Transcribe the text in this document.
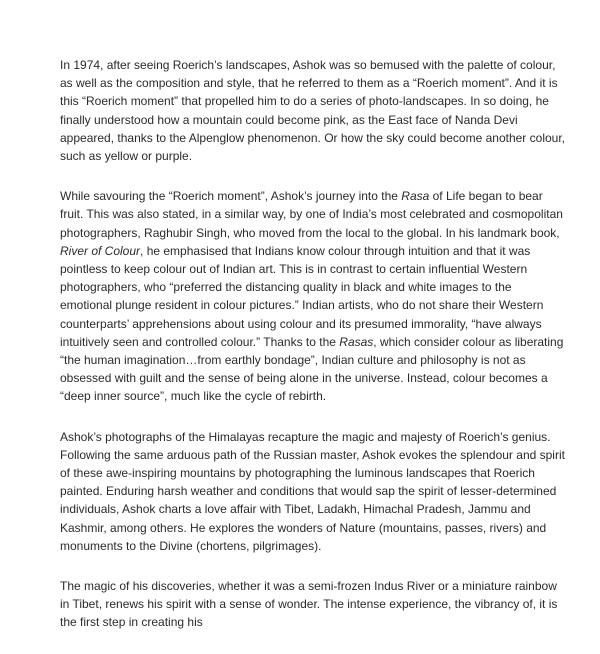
In 1974, after seeing Roerich’s landscapes, Ashok was so bemused with the palette of colour, as well as the composition and style, that he referred to them as a “Roerich moment”. And it is this “Roerich moment” that propelled him to do a series of photo-landscapes. In so doing, he finally understood how a mountain could become pink, as the East face of Nanda Devi appeared, thanks to the Alpenglow phenomenon. Or how the sky could become another colour, such as yellow or purple.

While savouring the “Roerich moment”, Ashok’s journey into the Rasa of Life began to bear fruit. This was also stated, in a similar way, by one of India’s most celebrated and cosmopolitan photographers, Raghubir Singh, who moved from the local to the global. In his landmark book, River of Colour, he emphasised that Indians know colour through intuition and that it was pointless to keep colour out of Indian art. This is in contrast to certain influential Western photographers, who “preferred the distancing quality in black and white images to the emotional plunge resident in colour pictures.” Indian artists, who do not share their Western counterparts’ apprehensions about using colour and its presumed immorality, “have always intuitively seen and controlled colour.” Thanks to the Rasas, which consider colour as liberating “the human imagination…from earthly bondage”, Indian culture and philosophy is not as obsessed with guilt and the sense of being alone in the universe. Instead, colour becomes a “deep inner source”, much like the cycle of rebirth.

Ashok’s photographs of the Himalayas recapture the magic and majesty of Roerich’s genius. Following the same arduous path of the Russian master, Ashok evokes the splendour and spirit of these awe-inspiring mountains by photographing the luminous landscapes that Roerich painted. Enduring harsh weather and conditions that would sap the spirit of lesser-determined individuals, Ashok charts a love affair with Tibet, Ladakh, Himachal Pradesh, Jammu and Kashmir, among others. He explores the wonders of Nature (mountains, passes, rivers) and monuments to the Divine (chortens, pilgrimages).

The magic of his discoveries, whether it was a semi-frozen Indus River or a miniature rainbow in Tibet, renews his spirit with a sense of wonder. The intense experience, the vibrancy of, it is the first step in creating his
